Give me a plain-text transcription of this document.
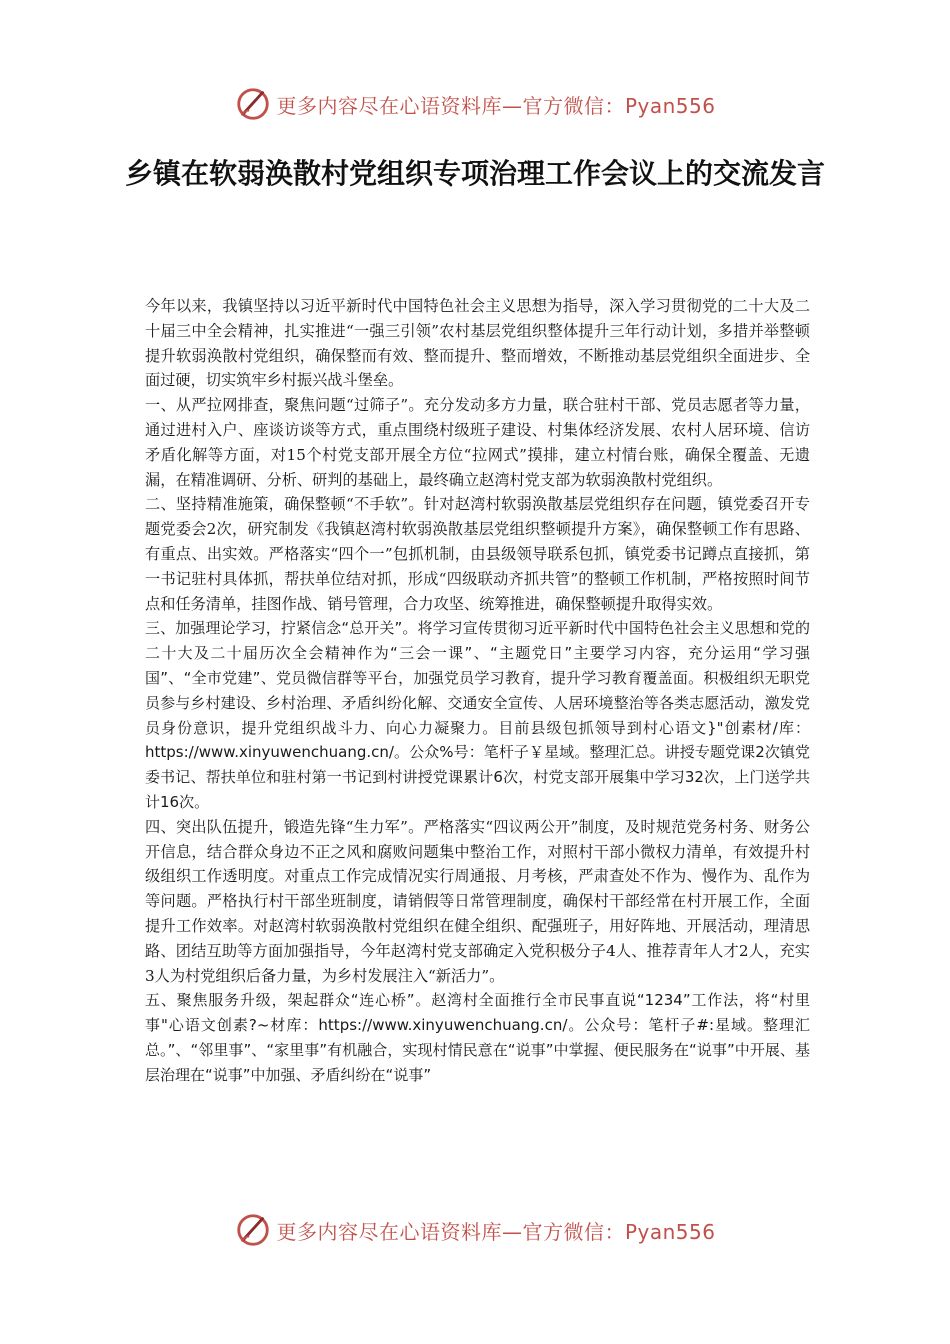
更多内容尽在心语资料库—官方微信：Pyan556
乡镇在软弱涣散村党组织专项治理工作会议上的交流发言

今年以来，我镇坚持以习近平新时代中国特色社会主义思想为指导，深入学习贯彻党的二十大及二十届三中全会精神，扎实推进“一强三引领”农村基层党组织整体提升三年行动计划，多措并举整顿提升软弱涣散村党组织，确保整而有效、整而提升、整而增效，不断推动基层党组织全面进步、全面过硬，切实筑牢乡村振兴战斗堡垒。

一、从严拉网排查，聚焦问题“过筛子”。充分发动多方力量，联合驻村干部、党员志愿者等力量，通过进村入户、座谈访谈等方式，重点围绕村级班子建设、村集体经济发展、农村人居环境、信访矛盾化解等方面，对15个村党支部开展全方位“拉网式”摸排，建立村情台账，确保全覆盖、无遗漏，在精准调研、分析、研判的基础上，最终确立赵湾村党支部为软弱涣散村党组织。

二、坚持精准施策，确保整顿“不手软”。针对赵湾村软弱涣散基层党组织存在问题，镇党委召开专题党委会2次，研究制发《我镇赵湾村软弱涣散基层党组织整顿提升方案》，确保整顿工作有思路、有重点、出实效。严格落实“四个一”包抓机制，由县级领导联系包抓，镇党委书记蹲点直接抓，第一书记驻村具体抓，帮扶单位结对抓，形成“四级联动齐抓共管”的整顿工作机制，严格按照时间节点和任务清单，挂图作战、销号管理，合力攻坚、统筹推进，确保整顿提升取得实效。

三、加强理论学习，拧紧信念“总开关”。将学习宣传贯彻习近平新时代中国特色社会主义思想和党的二十大及二十届历次全会精神作为“三会一课”、“主题党日”主要学习内容，充分运用“学习强国”、“全市党建”、党员微信群等平台，加强党员学习教育，提升学习教育覆盖面。积极组织无职党员参与乡村建设、乡村治理、矛盾纠纷化解、交通安全宣传、人居环境整治等各类志愿活动，激发党员身份意识，提升党组织战斗力、向心力凝聚力。目前县级包抓领导到村心语文}"创素材/库：https://www.xinyuwenchuang.cn/。公众%号：笔杆子￥星域。整理汇总。讲授专题党课2次镇党委书记、帮扶单位和驻村第一书记到村讲授党课累计6次，村党支部开展集中学习32次，上门送学共计16次。

四、突出队伍提升，锻造先锋“生力军”。严格落实“四议两公开”制度，及时规范党务村务、财务公开信息，结合群众身边不正之风和腐败问题集中整治工作，对照村干部小微权力清单，有效提升村级组织工作透明度。对重点工作完成情况实行周通报、月考核，严肃查处不作为、慢作为、乱作为等问题。严格执行村干部坐班制度，请销假等日常管理制度，确保村干部经常在村开展工作，全面提升工作效率。对赵湾村软弱涣散村党组织在健全组织、配强班子，用好阵地、开展活动，理清思路、团结互助等方面加强指导，今年赵湾村党支部确定入党积极分子4人、推荐青年人才2人，充实3人为村党组织后备力量，为乡村发展注入“新活力”。

五、聚焦服务升级，架起群众“连心桥”。赵湾村全面推行全市民事直说“1234”工作法，将“村里事"心语文创素?~材库：https://www.xinyuwenchuang.cn/。公众号：笔杆子#:星域。整理汇总。”、“邻里事”、“家里事”有机融合，实现村情民意在“说事”中掌握、便民服务在“说事”中开展、基层治理在“说事”中加强、矛盾纠纷在“说事”

更多内容尽在心语资料库—官方微信：Pyan556
